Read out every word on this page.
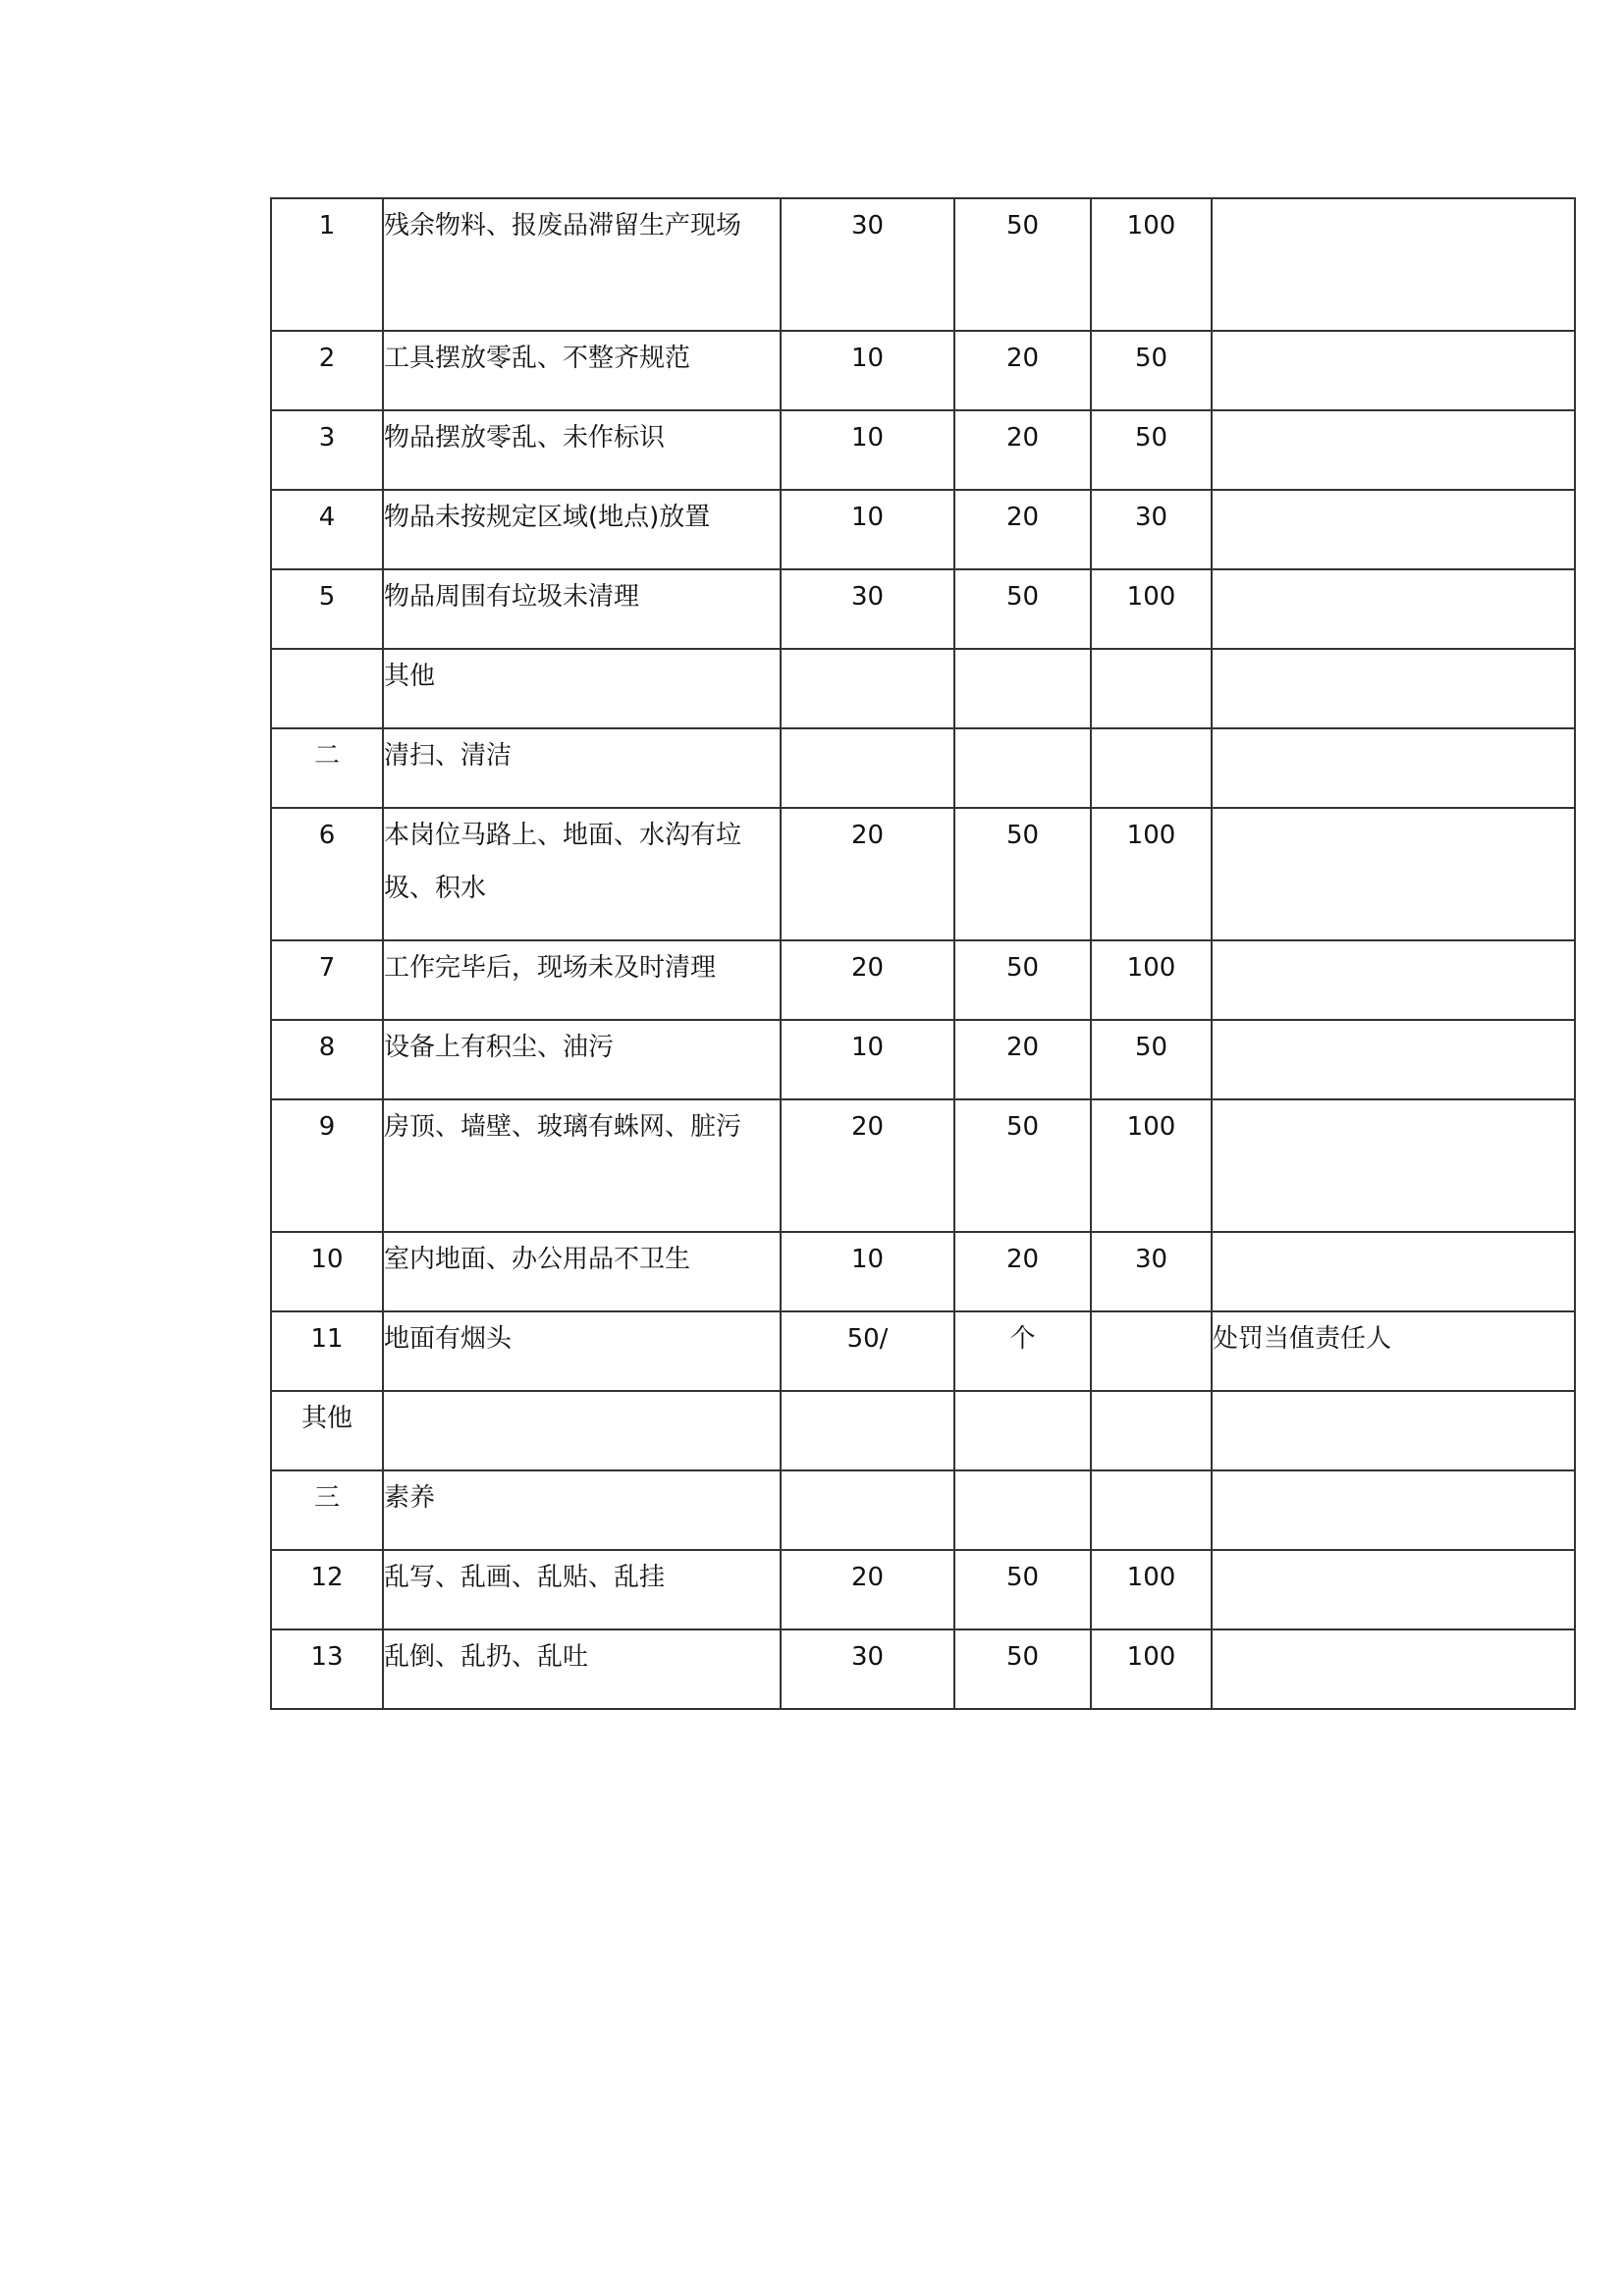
1	残余物料、报废品滞留生产现场	30	50	100	
2	工具摆放零乱、不整齐规范	10	20	50	
3	物品摆放零乱、未作标识	10	20	50	
4	物品未按规定区域(地点)放置	10	20	30	
5	物品周围有垃圾未清理	30	50	100	
	其他				
二	清扫、清洁				
6	本岗位马路上、地面、水沟有垃圾、积水	20	50	100	
7	工作完毕后，现场未及时清理	20	50	100	
8	设备上有积尘、油污	10	20	50	
9	房顶、墙壁、玻璃有蛛网、脏污	20	50	100	
10	室内地面、办公用品不卫生	10	20	30	
11	地面有烟头	50/	个		处罚当值责任人
其他					
三	素养				
12	乱写、乱画、乱贴、乱挂	20	50	100	
13	乱倒、乱扔、乱吐	30	50	100	
